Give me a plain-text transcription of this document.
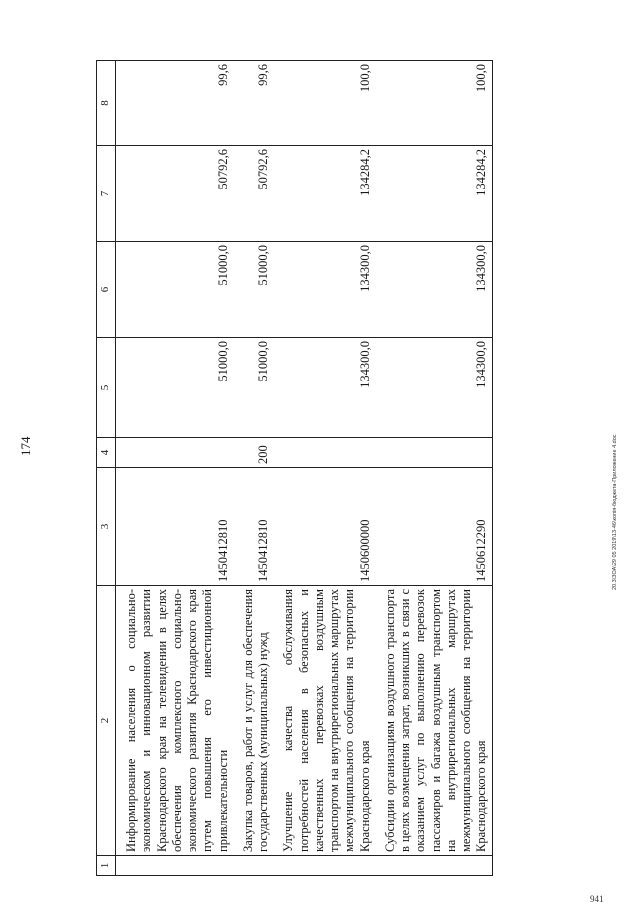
174
1	2	3	4	5	6	7	8
	Информирование населения о социально-экономическом и инновационном развитии Краснодарского края на телевидении в целях обеспечения комплексного социально-экономического развития Краснодарского края путем повышения его инвестиционной привлекательности	1450412810		51000,0	51000,0	50792,6	99,6
	Закупка товаров, работ и услуг для обеспечения государственных (муниципальных) нужд	1450412810	200	51000,0	51000,0	50792,6	99,6
	Улучшение качества обслуживания потребностей населения в безопасных и качественных перевозках воздушным транспортом на внутрирегиональных маршрутах межмуниципального сообщения на территории Краснодарского края	1450600000		134300,0	134300,0	134284,2	100,0
	Субсидии организациям воздушного транспорта в целях возмещения затрат, возникших в связи с оказанием услуг по выполнению перевозок пассажиров и багажа воздушным транспортом на внутрирегиональных маршрутах межмуниципального сообщения на территории Краснодарского края	1450612290		134300,0	134300,0	134284,2	100,0
20.3\ЗОА\29 05 2019\13-46\копія-бюджета-Приложение 4.doc
941
